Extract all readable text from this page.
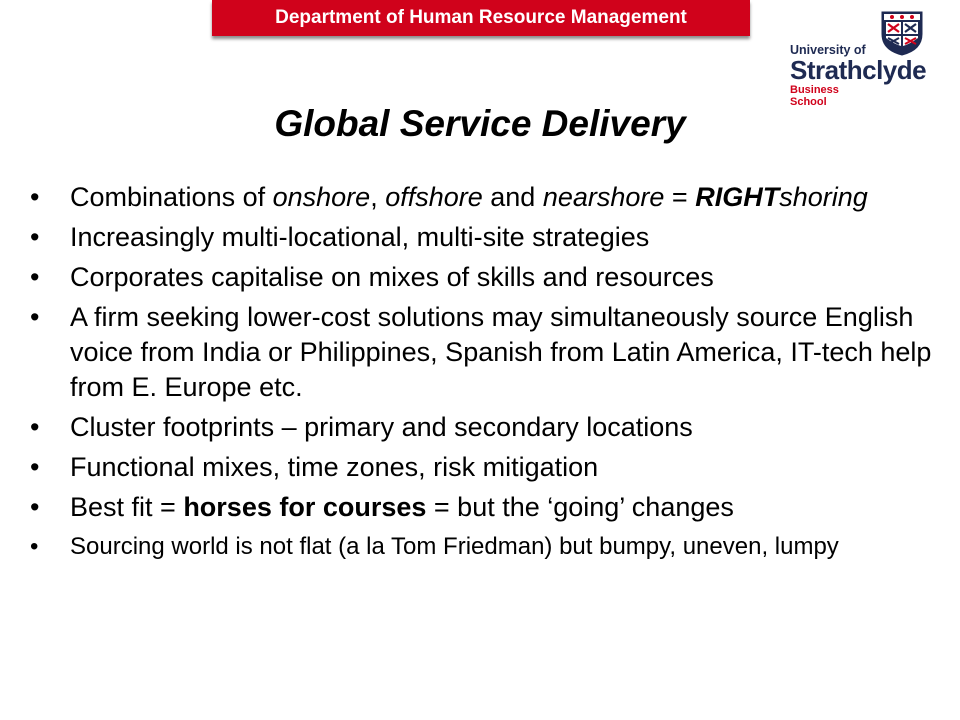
Department of Human Resource Management
University of
Strathclyde
Business
School
Global Service Delivery
• Combinations of onshore, offshore and nearshore = RIGHTshoring
• Increasingly multi-locational, multi-site strategies
• Corporates capitalise on mixes of skills and resources
• A firm seeking lower-cost solutions may simultaneously source English voice from India or Philippines, Spanish from Latin America, IT-tech help from E. Europe etc.
• Cluster footprints – primary and secondary locations
• Functional mixes, time zones, risk mitigation
• Best fit = horses for courses = but the ‘going’ changes
• Sourcing world is not flat (a la Tom Friedman) but bumpy, uneven, lumpy
